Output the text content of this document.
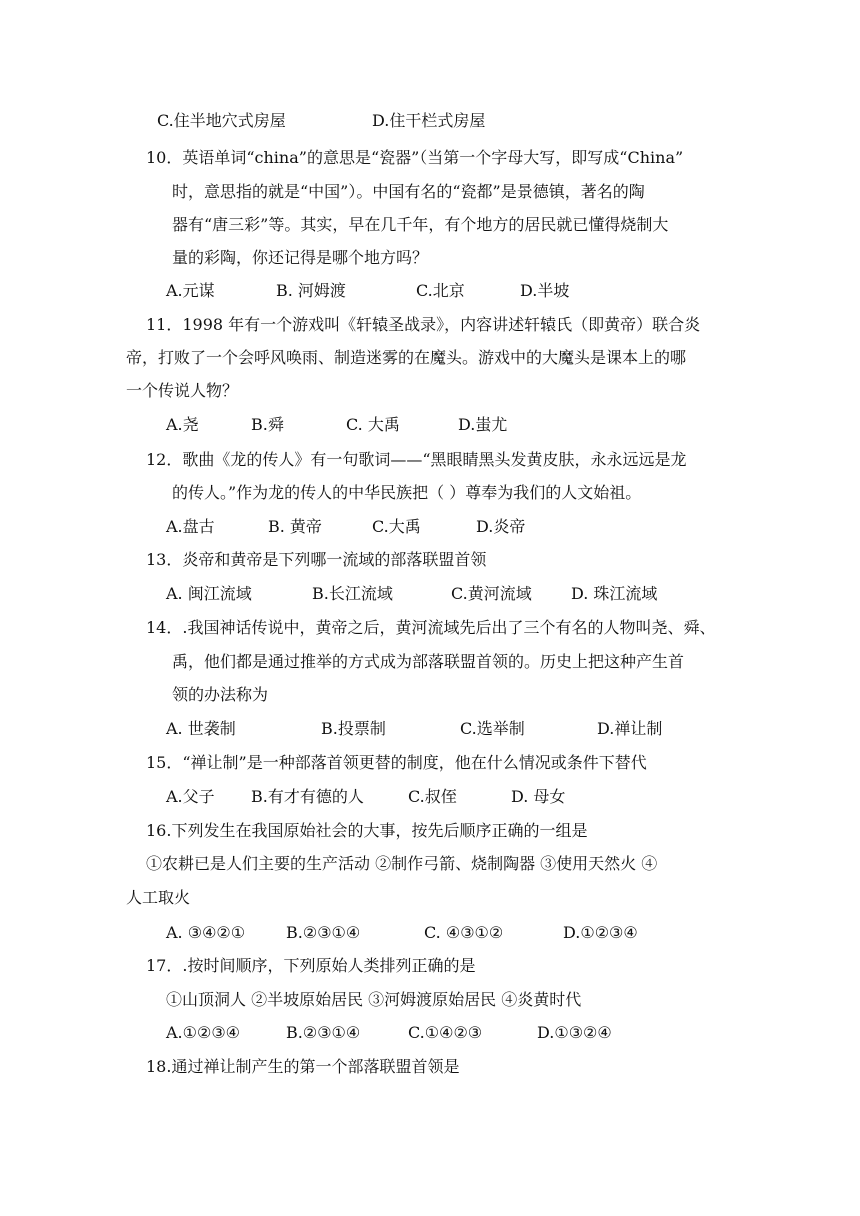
C.住半地穴式房屋	D.住干栏式房屋
10．英语单词“china”的意思是“瓷器”（当第一个字母大写，即写成“China”
时，意思指的就是“中国”）。中国有名的“瓷都”是景德镇，著名的陶
器有“唐三彩”等。其实，早在几千年，有个地方的居民就已懂得烧制大
量的彩陶，你还记得是哪个地方吗？
A.元谋	B. 河姆渡	C.北京	D.半坡
11．1998 年有一个游戏叫《轩辕圣战录》，内容讲述轩辕氏（即黄帝）联合炎
帝，打败了一个会呼风唤雨、制造迷雾的在魔头。游戏中的大魔头是课本上的哪
一个传说人物？
A.尧	B.舜	C. 大禹	D.蚩尤
12．歌曲《龙的传人》有一句歌词——“黑眼睛黑头发黄皮肤，永永远远是龙
的传人。”作为龙的传人的中华民族把（ ）尊奉为我们的人文始祖。
A.盘古	B. 黄帝	C.大禹	D.炎帝
13．炎帝和黄帝是下列哪一流域的部落联盟首领
A. 闽江流域	B.长江流域	C.黄河流域 D. 珠江流域
14．.我国神话传说中，黄帝之后，黄河流域先后出了三个有名的人物叫尧、舜、
禹，他们都是通过推举的方式成为部落联盟首领的。历史上把这种产生首
领的办法称为
A. 世袭制	B.投票制	C.选举制	D.禅让制
15．“禅让制”是一种部落首领更替的制度，他在什么情况或条件下替代
A.父子 B.有才有德的人	C.叔侄	D. 母女
16.下列发生在我国原始社会的大事，按先后顺序正确的一组是
①农耕已是人们主要的生产活动 ②制作弓箭、烧制陶器 ③使用天然火 ④
人工取火
A. ③④②①	B.②③①④	C. ④③①②	D.①②③④
17．.按时间顺序，下列原始人类排列正确的是
①山顶洞人 ②半坡原始居民 ③河姆渡原始居民 ④炎黄时代
A.①②③④	B.②③①④	C.①④②③	D.①③②④
18.通过禅让制产生的第一个部落联盟首领是
